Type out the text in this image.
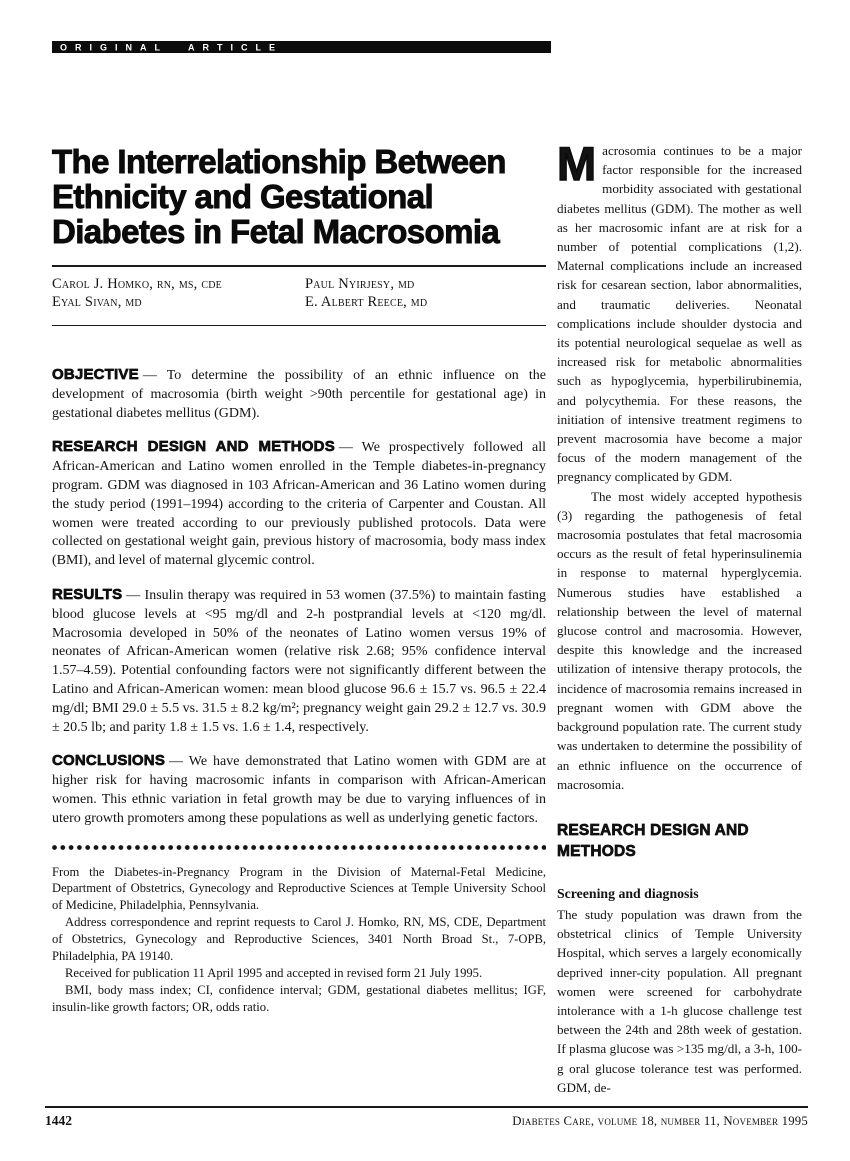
ORIGINAL ARTICLE
The Interrelationship Between Ethnicity and Gestational Diabetes in Fetal Macrosomia
Carol J. Homko, rn, ms, cde
Eyal Sivan, md
Paul Nyirjesy, md
E. Albert Reece, md

OBJECTIVE — To determine the possibility of an ethnic influence on the development of macrosomia (birth weight >90th percentile for gestational age) in gestational diabetes mellitus (GDM).

RESEARCH DESIGN AND METHODS — We prospectively followed all African-American and Latino women enrolled in the Temple diabetes-in-pregnancy program. GDM was diagnosed in 103 African-American and 36 Latino women during the study period (1991–1994) according to the criteria of Carpenter and Coustan. All women were treated according to our previously published protocols. Data were collected on gestational weight gain, previous history of macrosomia, body mass index (BMI), and level of maternal glycemic control.

RESULTS — Insulin therapy was required in 53 women (37.5%) to maintain fasting blood glucose levels at <95 mg/dl and 2-h postprandial levels at <120 mg/dl. Macrosomia developed in 50% of the neonates of Latino women versus 19% of neonates of African-American women (relative risk 2.68; 95% confidence interval 1.57–4.59). Potential confounding factors were not significantly different between the Latino and African-American women: mean blood glucose 96.6 ± 15.7 vs. 96.5 ± 22.4 mg/dl; BMI 29.0 ± 5.5 vs. 31.5 ± 8.2 kg/m²; pregnancy weight gain 29.2 ± 12.7 vs. 30.9 ± 20.5 lb; and parity 1.8 ± 1.5 vs. 1.6 ± 1.4, respectively.

CONCLUSIONS — We have demonstrated that Latino women with GDM are at higher risk for having macrosomic infants in comparison with African-American women. This ethnic variation in fetal growth may be due to varying influences of in utero growth promoters among these populations as well as underlying genetic factors.

From the Diabetes-in-Pregnancy Program in the Division of Maternal-Fetal Medicine, Department of Obstetrics, Gynecology and Reproductive Sciences at Temple University School of Medicine, Philadelphia, Pennsylvania.

Address correspondence and reprint requests to Carol J. Homko, RN, MS, CDE, Department of Obstetrics, Gynecology and Reproductive Sciences, 3401 North Broad St., 7-OPB, Philadelphia, PA 19140.

Received for publication 11 April 1995 and accepted in revised form 21 July 1995.

BMI, body mass index; CI, confidence interval; GDM, gestational diabetes mellitus; IGF, insulin-like growth factors; OR, odds ratio.

Macrosomia continues to be a major factor responsible for the increased morbidity associated with gestational diabetes mellitus (GDM). The mother as well as her macrosomic infant are at risk for a number of potential complications (1,2). Maternal complications include an increased risk for cesarean section, labor abnormalities, and traumatic deliveries. Neonatal complications include shoulder dystocia and its potential neurological sequelae as well as increased risk for metabolic abnormalities such as hypoglycemia, hyperbilirubinemia, and polycythemia. For these reasons, the initiation of intensive treatment regimens to prevent macrosomia have become a major focus of the modern management of the pregnancy complicated by GDM.

The most widely accepted hypothesis (3) regarding the pathogenesis of fetal macrosomia postulates that fetal macrosomia occurs as the result of fetal hyperinsulinemia in response to maternal hyperglycemia. Numerous studies have established a relationship between the level of maternal glucose control and macrosomia. However, despite this knowledge and the increased utilization of intensive therapy protocols, the incidence of macrosomia remains increased in pregnant women with GDM above the background population rate. The current study was undertaken to determine the possibility of an ethnic influence on the occurrence of macrosomia.

RESEARCH DESIGN AND METHODS
Screening and diagnosis

The study population was drawn from the obstetrical clinics of Temple University Hospital, which serves a largely economically deprived inner-city population. All pregnant women were screened for carbohydrate intolerance with a 1-h glucose challenge test between the 24th and 28th week of gestation. If plasma glucose was >135 mg/dl, a 3-h, 100-g oral glucose tolerance test was performed. GDM, de-

1442	Diabetes Care, volume 18, number 11, November 1995
